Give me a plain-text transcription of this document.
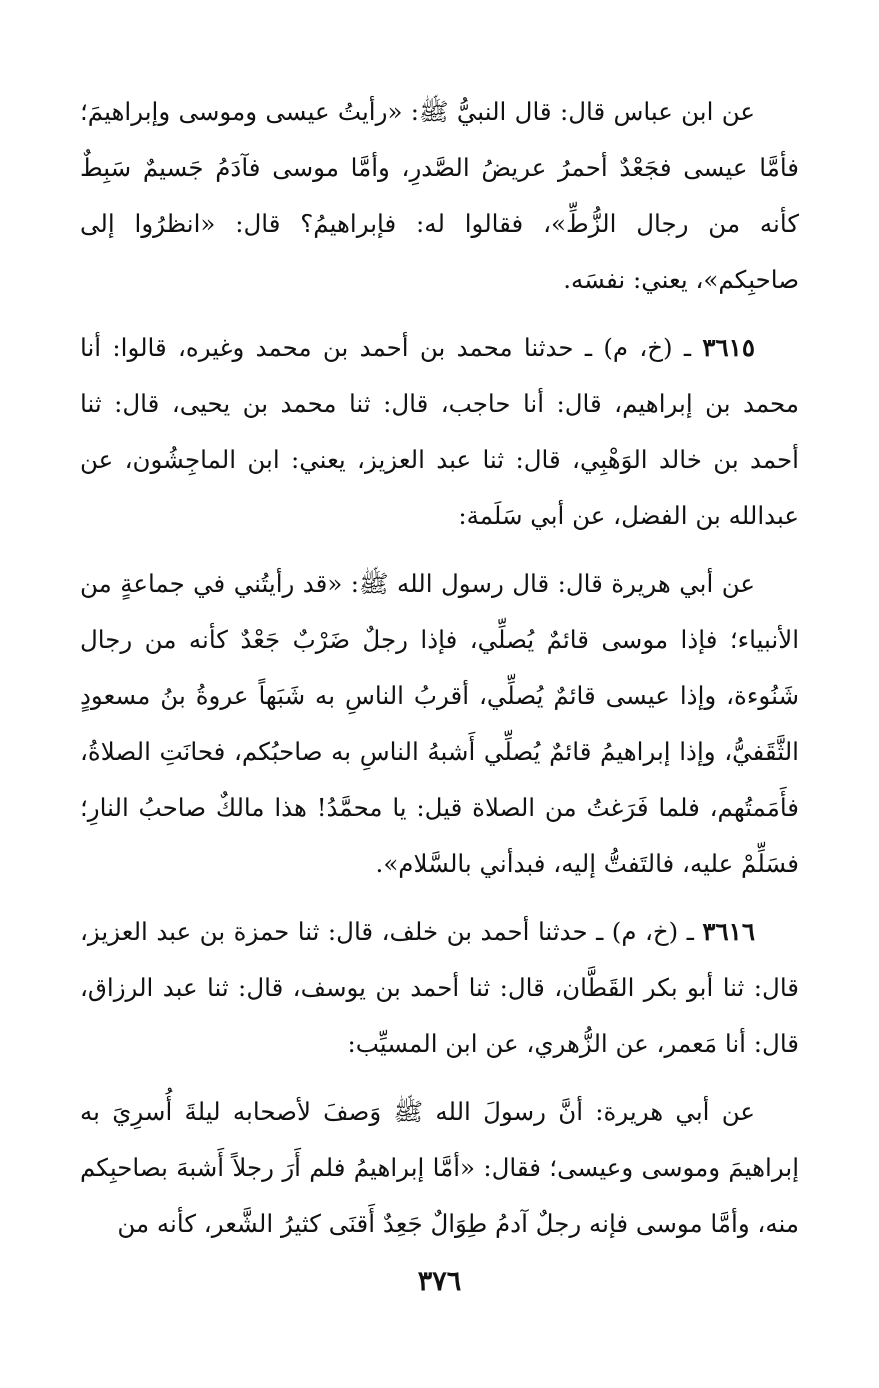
عن ابن عباس قال: قال النبيُّ ﷺ: «رأيتُ عيسى وموسى وإبراهيمَ؛ فأمَّا عيسى فجَعْدٌ أحمرُ عريضُ الصَّدرِ، وأمَّا موسى فآدَمُ جَسيمٌ سَبِطٌ كأنه من رجال الزُّطِّ»، فقالوا له: فإبراهيمُ؟ قال: «انظرُوا إلى صاحبِكم»، يعني: نفسَه.

٣٦١٥ ـ (خ، م) ـ حدثنا محمد بن أحمد بن محمد وغيره، قالوا: أنا محمد بن إبراهيم، قال: أنا حاجب، قال: ثنا محمد بن يحيى، قال: ثنا أحمد بن خالد الوَهْبِي، قال: ثنا عبد العزيز، يعني: ابن الماجِشُون، عن عبدالله بن الفضل، عن أبي سَلَمة:

عن أبي هريرة قال: قال رسول الله ﷺ: «قد رأيتُني في جماعةٍ من الأنبياء؛ فإذا موسى قائمٌ يُصلِّي، فإذا رجلٌ ضَرْبٌ جَعْدٌ كأنه من رجال شَنُوءة، وإذا عيسى قائمٌ يُصلِّي، أقربُ الناسِ به شَبَهاً عروةُ بنُ مسعودٍ الثَّقَفيُّ، وإذا إبراهيمُ قائمٌ يُصلِّي أَشبهُ الناسِ به صاحبُكم، فحانَتِ الصلاةُ، فأَمَمتُهم، فلما فَرَغتُ من الصلاة قيل: يا محمَّدُ! هذا مالكٌ صاحبُ النارِ؛ فسَلِّمْ عليه، فالتَفتُّ إليه، فبدأني بالسَّلام».

٣٦١٦ ـ (خ، م) ـ حدثنا أحمد بن خلف، قال: ثنا حمزة بن عبد العزيز، قال: ثنا أبو بكر القَطَّان، قال: ثنا أحمد بن يوسف، قال: ثنا عبد الرزاق، قال: أنا مَعمر، عن الزُّهري، عن ابن المسيِّب:

عن أبي هريرة: أنَّ رسولَ الله ﷺ وَصفَ لأصحابه ليلةَ أُسرِيَ به إبراهيمَ وموسى وعيسى؛ فقال: «أمَّا إبراهيمُ فلم أَرَ رجلاً أَشبهَ بصاحبِكم منه، وأمَّا موسى فإنه رجلٌ آدمُ طِوَالٌ جَعِدٌ أَقنَى كثيرُ الشَّعر، كأنه من

٣٧٦
